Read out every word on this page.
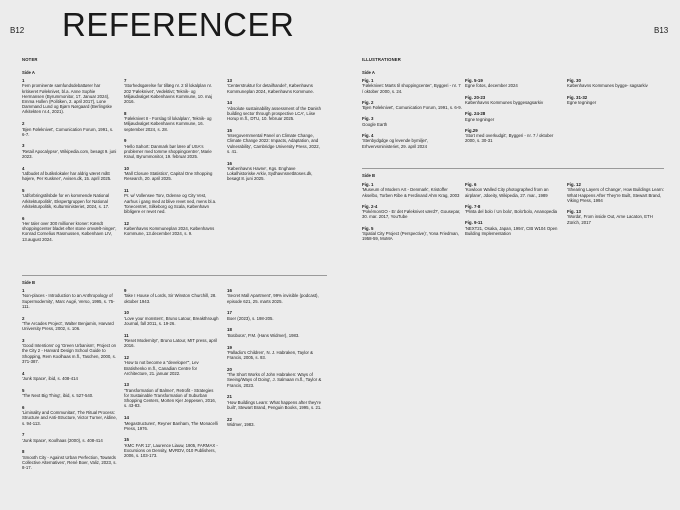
B12 REFERENCER	B13
NOTER
Side A
1
Fem prominente samfundsdebattører har kritiseret Føleknivet, bl.a. Anne Sophie Hermansen (Byrummonitor, 17. Januar 2024), Emma Hollen (Politiken, 2. april 2017), Lone Dammand Lund og Bjørn Nørgaard (Berlingske Arkitekten nr.4, 2021).
2
'Bjen Føleknivet', Comunication Forum, 1991, s. 6-7.
3
'Retail Apocalypse', Wikipedia.com, besøgt 9. juni 2023.
4
'Udbudet af butikslokaler har aldrig været mått højere, Per Kuskner', Avisen.dk, 15. april 2025.
5
'Udforbringstilsbde for en kommende National Arkitekturpolitik', Ekspertgruppen for National Arkitekturpolitik, Kulturministeriet, 2024, s. 17.
6
'Her taler over 300 millioner kroner: Kændt shoppingcenter bladet efter stone omvælt-ninger', Konrad Cornelius Rasmussen, København LIV, 13.august 2024.
7
'Storhedsgørelse for tillæg nr. 2 til lokalplan nr. 202 'Føleknivet', Vedektivt; Teknik- og Miljøudvalget Københavns Kommune, 10. maj 2016.
8
'Føleknivet II - Forslag til lokalplan', Teknik- og Miljøudvalget Københavns Kommune, 16. september 2024, s. 28.
9
'Hello Sahort: Danmark bør lære af USA's problemer med tomme shoppingcentre', Marie Kraul, Byrummonitor, 19. februar 2025.
10
'Mall Closure Statistics', Capital One Shopping Research, 20. april 2025.
11
Pr. w/ Vollensee Torv, Odense og City Vest, Aarhus i gang med at blive revet ned, mens bl.a. Tonecentret, Silkeborg og Scala, København bibligere er revet ned.
12
Københavns Kommuneplan 2024, Københavns Kommune, 13.december 2024, s. 9.
13
'Centerstruktur for detailhandel', Københavns Kommuneplan 2024, Københavns Kommune.
14
'Absolute sustainability assessment of the Danish building sector through prospective LCA', Liise Horup m.fl., DTU, 10. februar 2025.
15
'Intergovernmental Panel on Climate Change, Climate Change 2022: Impacts, Adaptation, and Vulnerability', Cambridge University Press, 2022, s. 41.
16
'Københavns Havne', Kgs. Enghave Lokalhistoriske Arkiv, Sydhavnsnetbtoses.dk, besøgt 8. juni 2025.
Side B
1
'Non-places - Introduction to an Anthropology of Supermodernity', Marc Augé, Verso, 1995, s. 75-111.
2
'The Arcades Project', Walter Benjamin, Harvard University Press, 2002, s. 106.
3
'Good Intentions' og 'Green Urbanism', Project on the City 2 - Harvard Design School Guide to Shopping, Rem Koolhaas m.fl., Taschen, 2000, s. 371-387.
4
'Junk Space', ibid, s. 408-414
5
'The Next Big Thing', ibid, s. 527-540.
6
'Liminality and Communitas', The Ritual Process: Structure and Anti-Structure, Victor Turner, Aldine, s. 94-113.
7
'Junk Space', Koolhaas (2000), s. 408-414
8
'Smooth City - Against Urban Perfection, Towards Collective Alternatives', René Boer, Valiz, 2023, s. 8-17.
9
Take I House of Lords, Sir Winston Churchill, 28. oktober 1943.
10
'Love your monsters', Bruno Latour, Breakthrough Journal, fall 2011, s. 19-26.
11
'Reset Modernity!', Bruno Latour, MIT press, april 2016.
12
'How to not become a "developer"', Lev Bratishenko m.fl., Canadian Centre for Architecture, 21. januar 2022.
13
'Transformation of Balmer', Retrofit - Strategies for Sustainable Transformation of Suburban Shopping Centers, Morten Kjer Jeppesen, 2016, s. 43-83.
14
'Megastructures', Reyner Banham, The Monacelli Press, 1976.
15
'KMC FAR 12', Laurence Liauw, 1905, FARMAX - Excursions on Density, MVRDV, 010 Publishers, 2006, s. 103-173.
16
'Secret Mall Apartment', 99% invisible (podcast), episode 621, 25. marts 2025.
17
Boer (2023), s. 198-205.
18
'Boüboüs', P.M. (Hans Widmer), 1983.
19
'Palladio's Children', N. J. Habraken, Taylor & Francis, 2005, s. 93.
20
'The Short Works of John Habraken: Ways of Seeing/Ways of Doing', J. Salmaan m.fl., Taylor & Francis, 2023.
21
'How Buildings Learn: What happens after they're built', Stewart Brand, Penguin Books, 1995, s. 21.
22
Widmer, 1983.
ILLUSTRATIONER
Side A
Fig. 1
'Føleknivet: Marts til shoppingcenter', Byggeri - nr. 7 / oktober 2000, s. 24.
Fig. 2
'Bjen Føleknivet', Comunication Forum, 1991, s. 6-9.
Fig. 3
Google Earth
Fig. 4
'Stenbydgdge og levende bymiljer', Erhvervsministeriet, 29. april 2024
Fig. 5-19
Egne fotos, december 2024
Fig. 20-23
Københavns Kommunes byggesagsarkiv
Fig. 24-28
Egne tegninger
Fig.29
'Stort med overkudgit', Byggeri - nr. 7 / oktober 2000, s. 30-31
Fig. 30
Københavns Kommunes bygge- sagsarkiv
Fig. 31-32
Egne tegninger
Side B
Fig. 1
'Museum of Modern Art - Denmark', Kristoffer Akselbo, Torben Ribe & Ferdinand Ahm Krag, 2003
Fig. 2-4
'PokémonGO - Er det Føleknivet værd?', Gousepar, 30. mar. 2017, YouTube
Fig. 5
'Spatial City Project (Perspective)', Yona Friedman, 1958-59, MoMA
Fig. 6
'Kowloon Walled City photographed from an airplane', Jdoeity, Wikipedia, 27. mar., 1989
Fig. 7-8
'Plinta del bolo / Un bolo', Bolo'bolo, Ananopedia
Fig. 9-11
'NEXT21, Osaka, Japan, 1994', CIB W104 Open Building Implementation
Fig. 12
'Shearing Layers of Change', How Buildings Learn: What Happens After They're Built, Stewart Brand, Viking Press, 1994
Fig. 13
'Worda', From inside Out, Arne Lacaton, ETH Zürich, 2017
